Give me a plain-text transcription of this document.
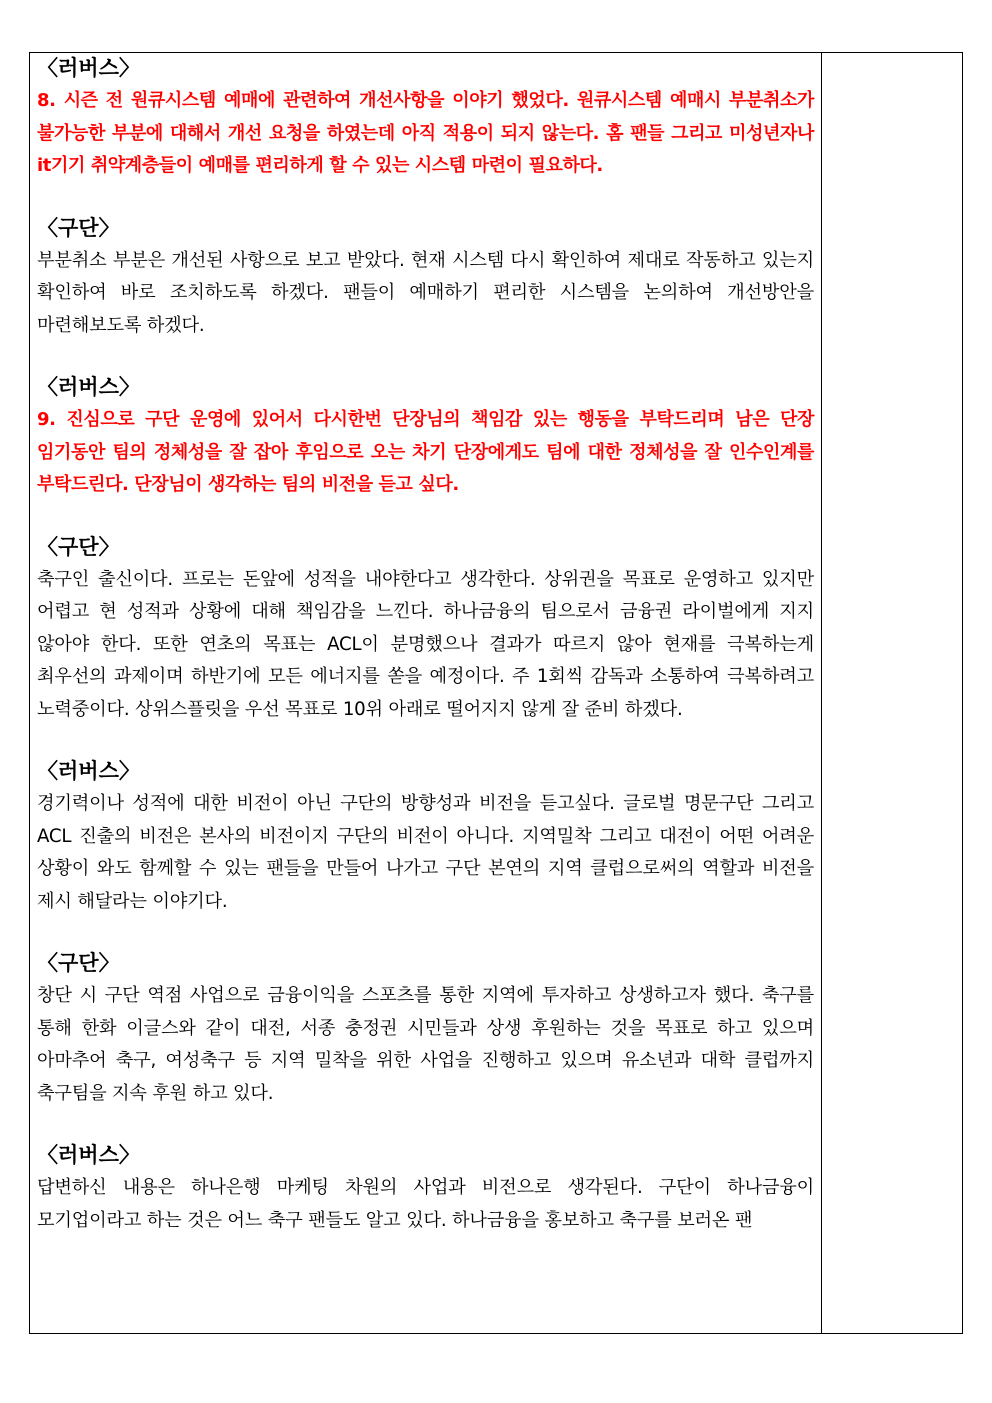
〈러버스〉

8. 시즌 전 원큐시스템 예매에 관련하여 개선사항을 이야기 했었다. 원큐시스템 예매시 부분취소가 불가능한 부분에 대해서 개선 요청을 하였는데 아직 적용이 되지 않는다. 홈 팬들 그리고 미성년자나 it기기 취약계층들이 예매를 편리하게 할 수 있는 시스템 마련이 필요하다.

〈구단〉

부분취소 부분은 개선된 사항으로 보고 받았다. 현재 시스템 다시 확인하여 제대로 작동하고 있는지 확인하여 바로 조치하도록 하겠다. 팬들이 예매하기 편리한 시스템을 논의하여 개선방안을 마련해보도록 하겠다.

〈러버스〉

9. 진심으로 구단 운영에 있어서 다시한번 단장님의 책임감 있는 행동을 부탁드리며 남은 단장 임기동안 팀의 정체성을 잘 잡아 후임으로 오는 차기 단장에게도 팀에 대한 정체성을 잘 인수인계를 부탁드린다. 단장님이 생각하는 팀의 비전을 듣고 싶다.

〈구단〉

축구인 출신이다. 프로는 돈앞에 성적을 내야한다고 생각한다. 상위권을 목표로 운영하고 있지만 어렵고 현 성적과 상황에 대해 책임감을 느낀다. 하나금융의 팀으로서 금융권 라이벌에게 지지 않아야 한다. 또한 연초의 목표는 ACL이 분명했으나 결과가 따르지 않아 현재를 극복하는게 최우선의 과제이며 하반기에 모든 에너지를 쏟을 예정이다. 주 1회씩 감독과 소통하여 극복하려고 노력중이다. 상위스플릿을 우선 목표로 10위 아래로 떨어지지 않게 잘 준비 하겠다.

〈러버스〉

경기력이나 성적에 대한 비전이 아닌 구단의 방향성과 비전을 듣고싶다. 글로벌 명문구단 그리고 ACL 진출의 비전은 본사의 비전이지 구단의 비전이 아니다. 지역밀착 그리고 대전이 어떤 어려운 상황이 와도 함께할 수 있는 팬들을 만들어 나가고 구단 본연의 지역 클럽으로써의 역할과 비전을 제시 해달라는 이야기다.

〈구단〉

창단 시 구단 역점 사업으로 금융이익을 스포츠를 통한 지역에 투자하고 상생하고자 했다. 축구를 통해 한화 이글스와 같이 대전, 서종 충정권 시민들과 상생 후원하는 것을 목표로 하고 있으며 아마추어 축구, 여성축구 등 지역 밀착을 위한 사업을 진행하고 있으며 유소년과 대학 클럽까지 축구팀을 지속 후원 하고 있다.

〈러버스〉

답변하신 내용은 하나은행 마케팅 차원의 사업과 비전으로 생각된다. 구단이 하나금융이 모기업이라고 하는 것은 어느 축구 팬들도 알고 있다. 하나금융을 홍보하고 축구를 보러온 팬
